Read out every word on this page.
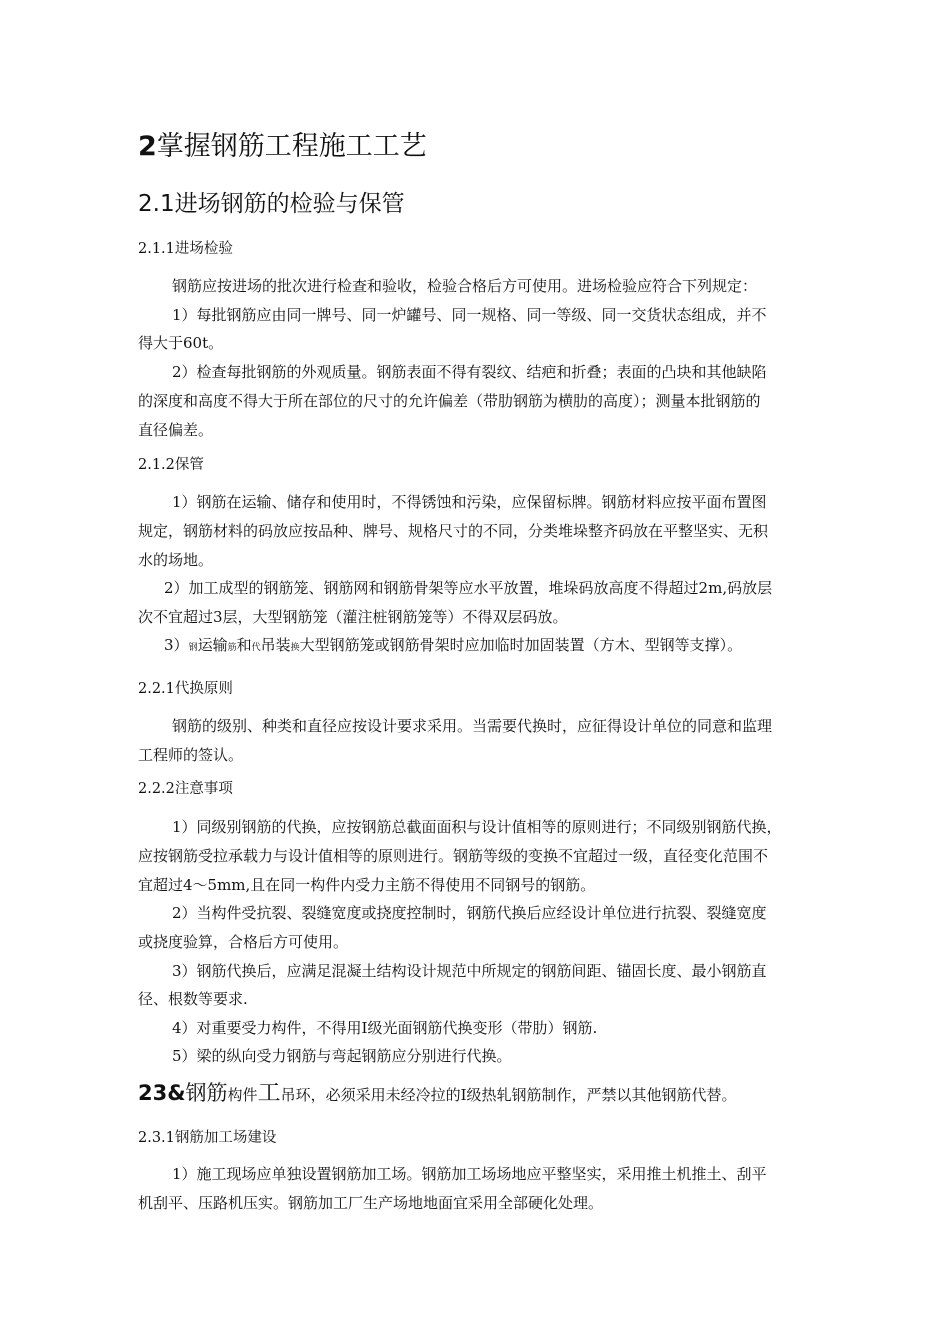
2掌握钢筋工程施工工艺
2.1进场钢筋的检验与保管
2.1.1进场检验
钢筋应按进场的批次进行检查和验收，检验合格后方可使用。进场检验应符合下列规定：
1）每批钢筋应由同一牌号、同一炉罐号、同一规格、同一等级、同一交货状态组成，并不
得大于60t。
2）检查每批钢筋的外观质量。钢筋表面不得有裂纹、结疤和折叠；表面的凸块和其他缺陷
的深度和高度不得大于所在部位的尺寸的允许偏差（带肋钢筋为横肋的高度）；测量本批钢筋的
直径偏差。
2.1.2保管
1）钢筋在运输、储存和使用时，不得锈蚀和污染，应保留标牌。钢筋材料应按平面布置图
规定，钢筋材料的码放应按品种、牌号、规格尺寸的不同，分类堆垛整齐码放在平整坚实、无积
水的场地。
2）加工成型的钢筋笼、钢筋网和钢筋骨架等应水平放置，堆垛码放高度不得超过2m,码放层
次不宜超过3层，大型钢筋笼（灌注桩钢筋笼等）不得双层码放。
3）钢运输筋和代吊装换大型钢筋笼或钢筋骨架时应加临时加固装置（方木、型钢等支撑）。
2.2.1代换原则
钢筋的级别、种类和直径应按设计要求采用。当需要代换时，应征得设计单位的同意和监理
工程师的签认。
2.2.2注意事项
1）同级别钢筋的代换，应按钢筋总截面面积与设计值相等的原则进行；不同级别钢筋代换，
应按钢筋受拉承载力与设计值相等的原则进行。钢筋等级的变换不宜超过一级，直径变化范围不
宜超过4〜5mm,且在同一构件内受力主筋不得使用不同钢号的钢筋。
2）当构件受抗裂、裂缝宽度或挠度控制时，钢筋代换后应经设计单位进行抗裂、裂缝宽度
或挠度验算，合格后方可使用。
3）钢筋代换后，应满足混凝土结构设计规范中所规定的钢筋间距、锚固长度、最小钢筋直
径、根数等要求.
4）对重要受力构件，不得用I级光面钢筋代换变形（带肋）钢筋.
5）梁的纵向受力钢筋与弯起钢筋应分别进行代换。
23&钢筋构件工吊环，必须采用未经冷拉的I级热轧钢筋制作，严禁以其他钢筋代替。
2.3.1钢筋加工场建设
1）施工现场应单独设置钢筋加工场。钢筋加工场场地应平整坚实，采用推土机推土、刮平
机刮平、压路机压实。钢筋加工厂生产场地地面宜采用全部硬化处理。
